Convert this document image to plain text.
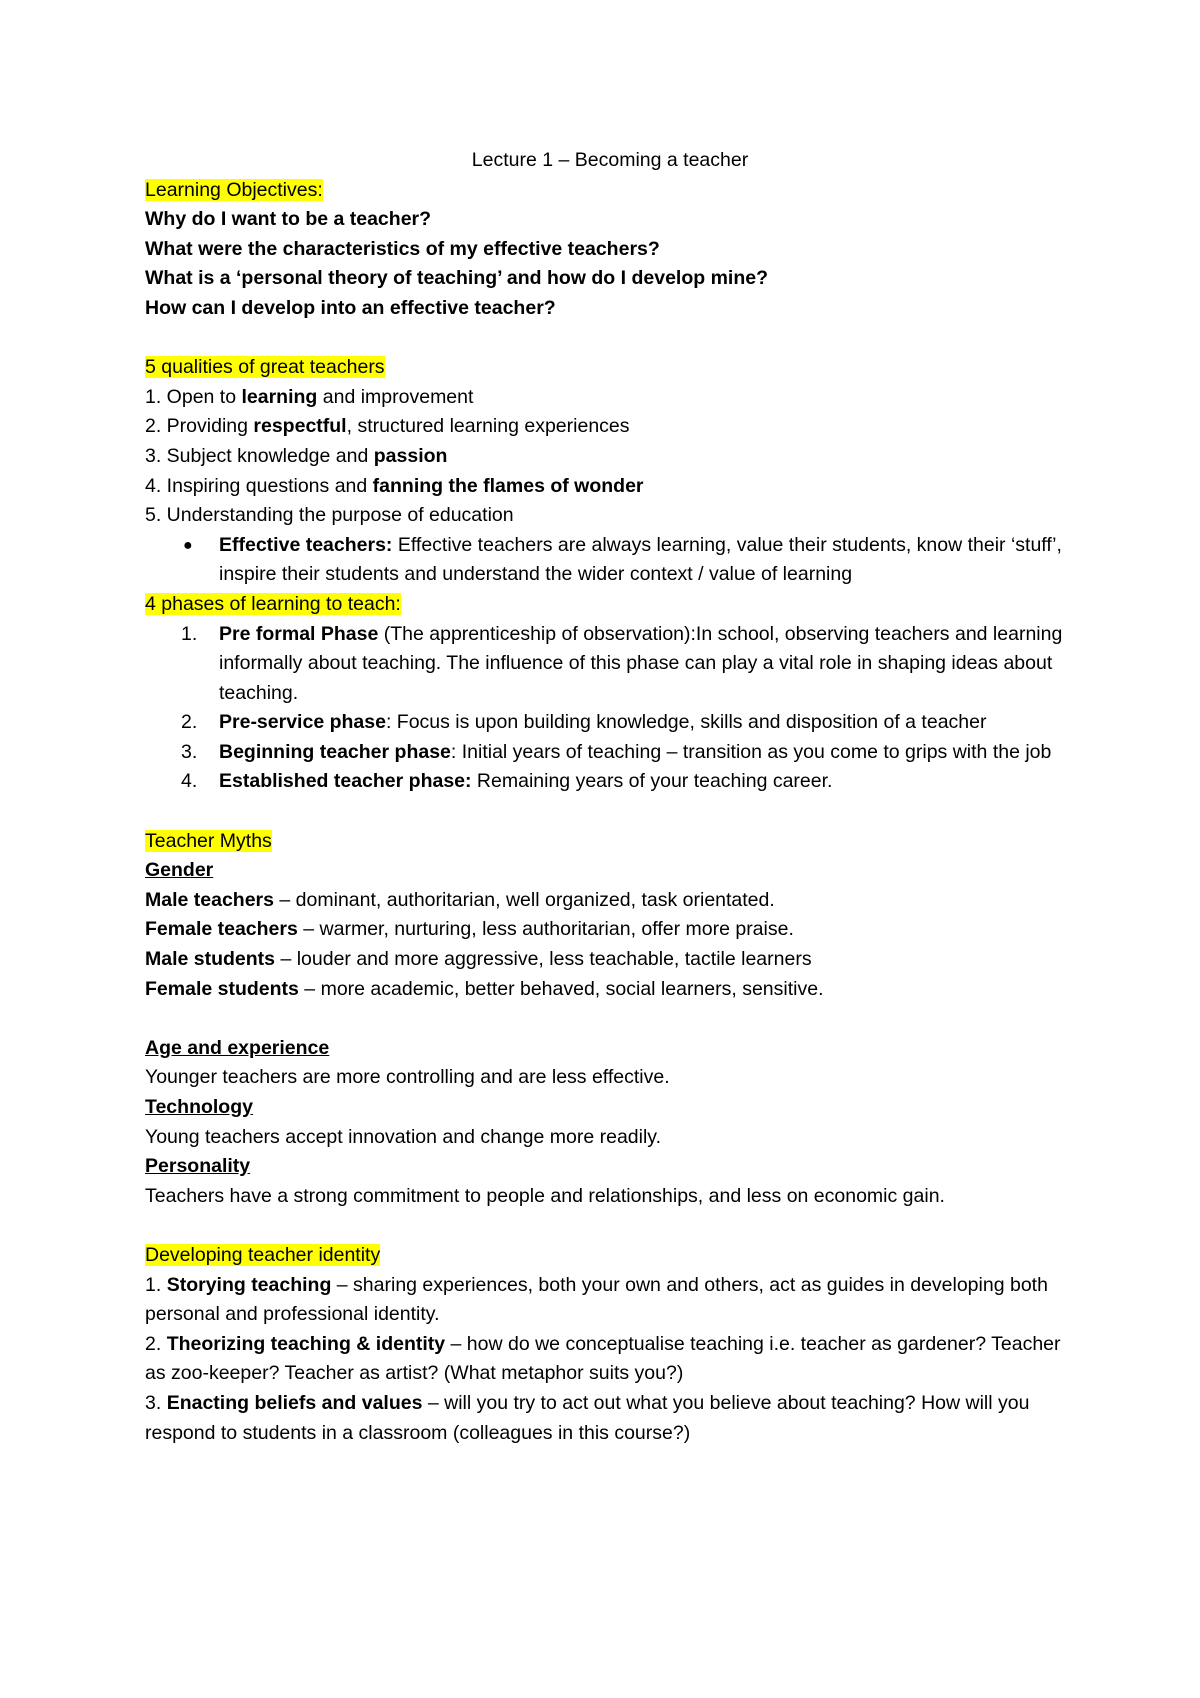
Lecture 1 – Becoming a teacher

Learning Objectives:

Why do I want to be a teacher?

What were the characteristics of my effective teachers?

What is a ‘personal theory of teaching’ and how do I develop mine?

How can I develop into an effective teacher?

5 qualities of great teachers

1. Open to learning and improvement

2. Providing respectful, structured learning experiences

3. Subject knowledge and passion

4. Inspiring questions and fanning the flames of wonder

5. Understanding the purpose of education

● Effective teachers: Effective teachers are always learning, value their students, know their ‘stuff’, inspire their students and understand the wider context / value of learning

4 phases of learning to teach:

1. Pre formal Phase (The apprenticeship of observation):In school, observing teachers and learning informally about teaching. The influence of this phase can play a vital role in shaping ideas about teaching.

2. Pre-service phase: Focus is upon building knowledge, skills and disposition of a teacher

3. Beginning teacher phase: Initial years of teaching – transition as you come to grips with the job

4. Established teacher phase: Remaining years of your teaching career.

Teacher Myths

Gender

Male teachers – dominant, authoritarian, well organized, task orientated.

Female teachers – warmer, nurturing, less authoritarian, offer more praise.

Male students – louder and more aggressive, less teachable, tactile learners

Female students – more academic, better behaved, social learners, sensitive.

Age and experience

Younger teachers are more controlling and are less effective.

Technology

Young teachers accept innovation and change more readily.

Personality

Teachers have a strong commitment to people and relationships, and less on economic gain.

Developing teacher identity

1. Storying teaching – sharing experiences, both your own and others, act as guides in developing both personal and professional identity.

2. Theorizing teaching & identity – how do we conceptualise teaching i.e. teacher as gardener? Teacher as zoo-keeper? Teacher as artist? (What metaphor suits you?)

3. Enacting beliefs and values – will you try to act out what you believe about teaching? How will you respond to students in a classroom (colleagues in this course?)
